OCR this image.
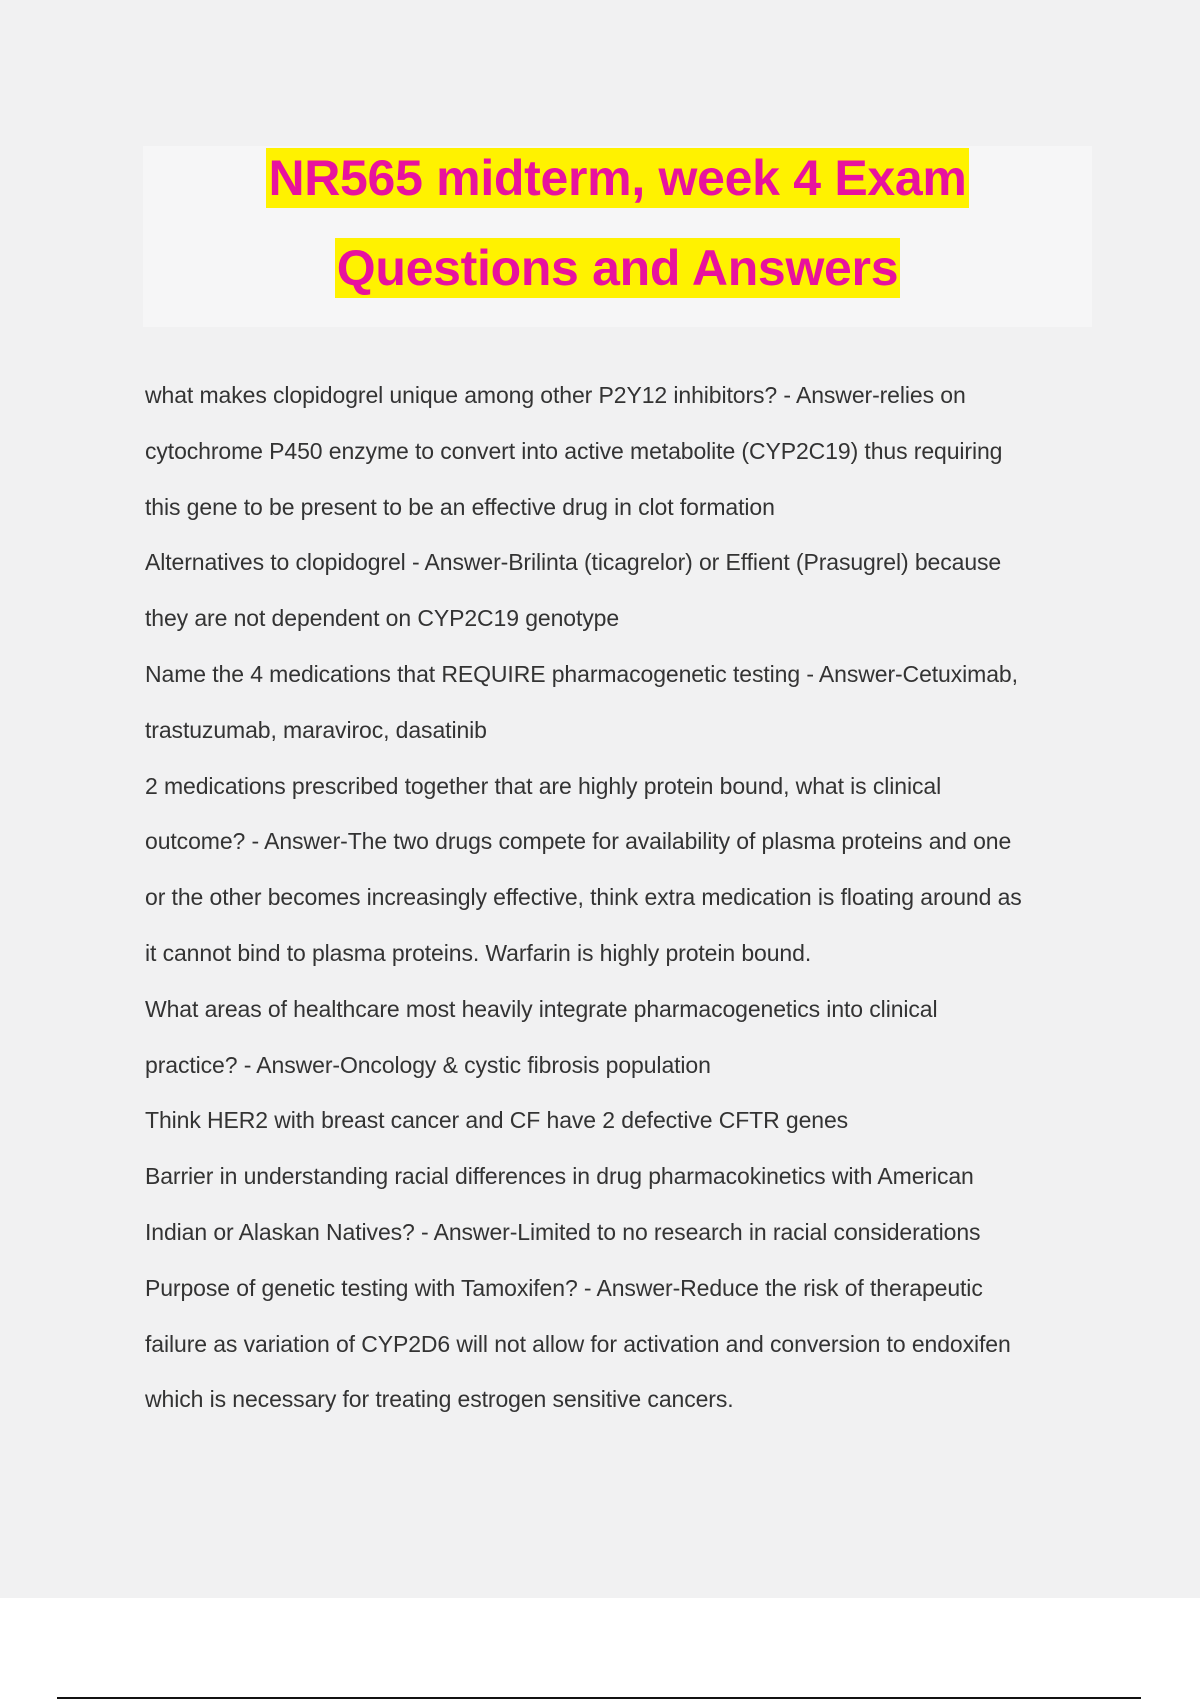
NR565 midterm, week 4 Exam
Questions and Answers
what makes clopidogrel unique among other P2Y12 inhibitors? - Answer-relies on
cytochrome P450 enzyme to convert into active metabolite (CYP2C19) thus requiring
this gene to be present to be an effective drug in clot formation
Alternatives to clopidogrel - Answer-Brilinta (ticagrelor) or Effient (Prasugrel) because
they are not dependent on CYP2C19 genotype
Name the 4 medications that REQUIRE pharmacogenetic testing - Answer-Cetuximab,
trastuzumab, maraviroc, dasatinib
2 medications prescribed together that are highly protein bound, what is clinical
outcome? - Answer-The two drugs compete for availability of plasma proteins and one
or the other becomes increasingly effective, think extra medication is floating around as
it cannot bind to plasma proteins. Warfarin is highly protein bound.
What areas of healthcare most heavily integrate pharmacogenetics into clinical
practice? - Answer-Oncology & cystic fibrosis population
Think HER2 with breast cancer and CF have 2 defective CFTR genes
Barrier in understanding racial differences in drug pharmacokinetics with American
Indian or Alaskan Natives? - Answer-Limited to no research in racial considerations
Purpose of genetic testing with Tamoxifen? - Answer-Reduce the risk of therapeutic
failure as variation of CYP2D6 will not allow for activation and conversion to endoxifen
which is necessary for treating estrogen sensitive cancers.
